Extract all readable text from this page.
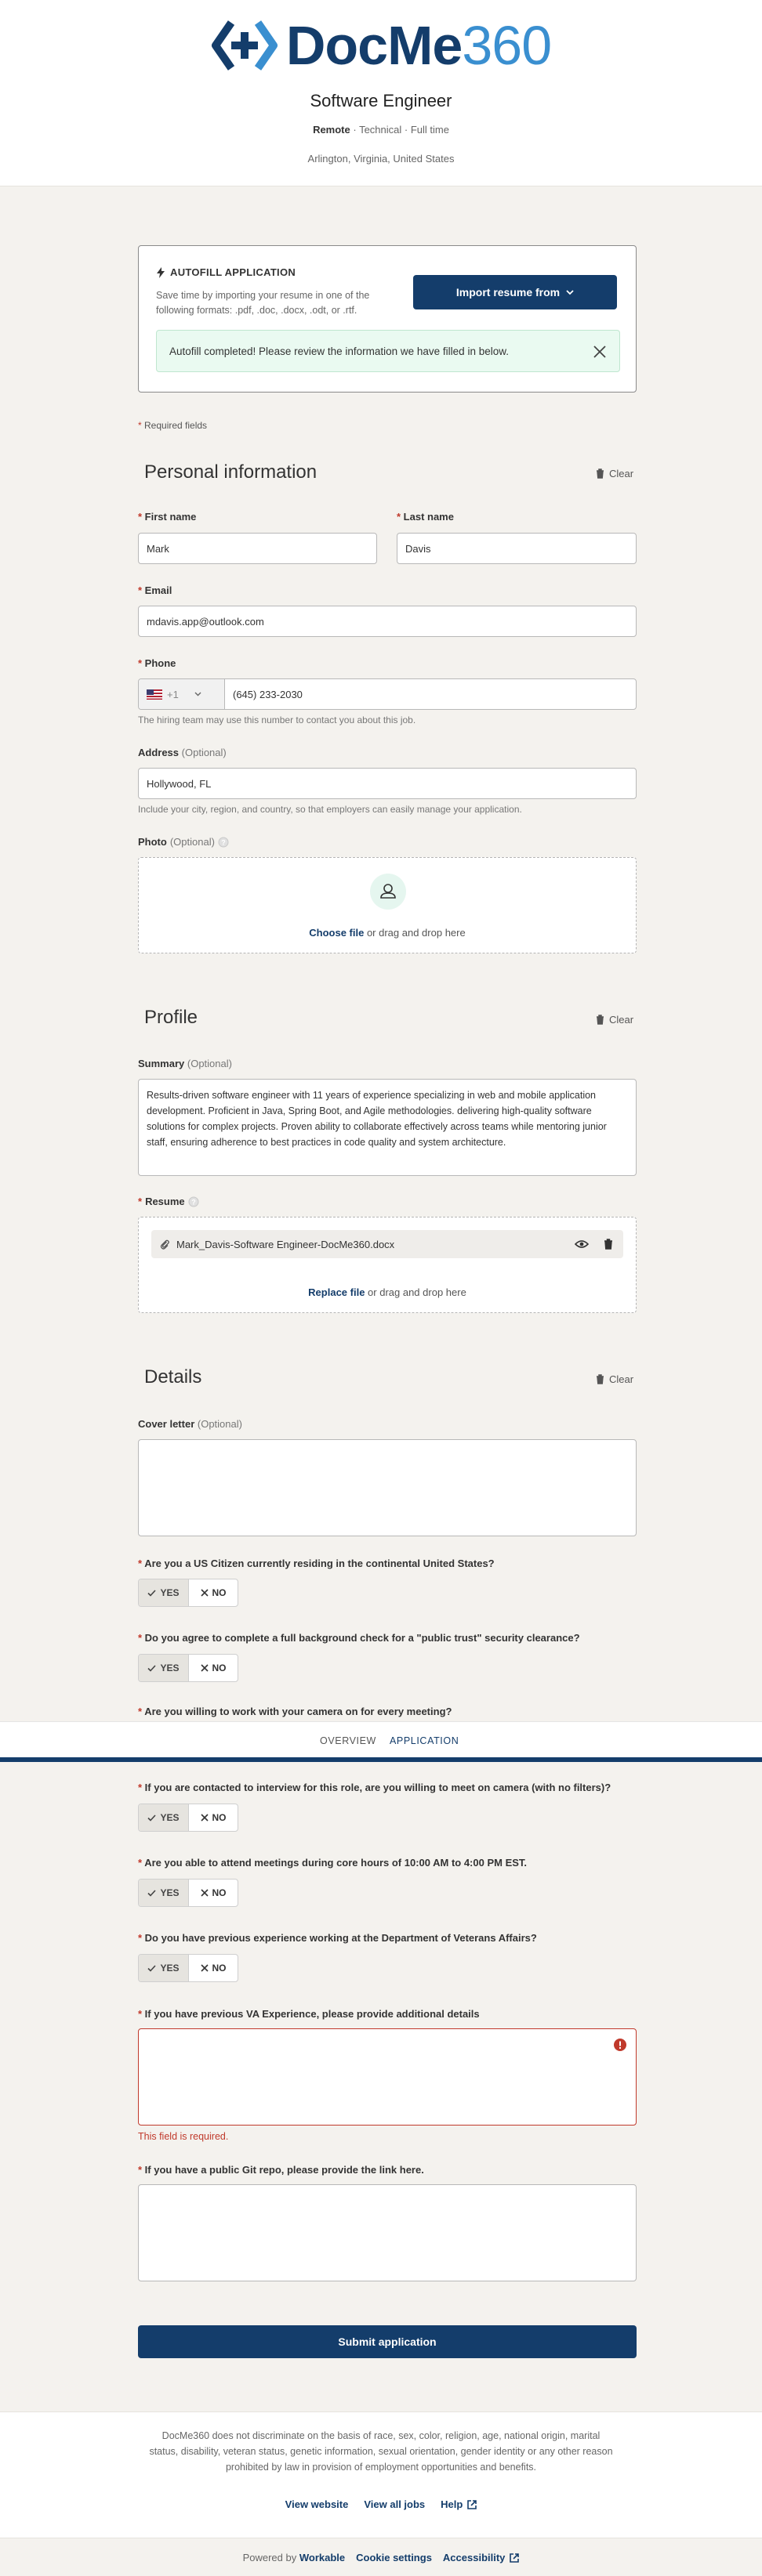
DocMe360
Software Engineer
Remote · Technical · Full time
Arlington, Virginia, United States
AUTOFILL APPLICATION
Save time by importing your resume in one of the following formats: .pdf, .doc, .docx, .odt, or .rtf.
Import resume from
Autofill completed! Please review the information we have filled in below.
* Required fields
Personal information	Clear
* First name
Mark
* Last name
Davis
* Email
mdavis.app@outlook.com
* Phone
+1	(645) 233-2030
The hiring team may use this number to contact you about this job.
Address (Optional)
Hollywood, FL
Include your city, region, and country, so that employers can easily manage your application.
Photo (Optional) ?
Choose file or drag and drop here
Profile	Clear
Summary (Optional)
Results-driven software engineer with 11 years of experience specializing in web and mobile application development. Proficient in Java, Spring Boot, and Agile methodologies. delivering high-quality software solutions for complex projects. Proven ability to collaborate effectively across teams while mentoring junior staff, ensuring adherence to best practices in code quality and system architecture.
* Resume ?
Mark_Davis-Software Engineer-DocMe360.docx
Replace file or drag and drop here
Details	Clear
Cover letter (Optional)
* Are you a US Citizen currently residing in the continental United States?
YES	NO
* Do you agree to complete a full background check for a "public trust" security clearance?
YES	NO
* Are you willing to work with your camera on for every meeting?
OVERVIEW APPLICATION
* If you are contacted to interview for this role, are you willing to meet on camera (with no filters)?
YES	NO
* Are you able to attend meetings during core hours of 10:00 AM to 4:00 PM EST.
YES	NO
* Do you have previous experience working at the Department of Veterans Affairs?
YES	NO
* If you have previous VA Experience, please provide additional details
This field is required.
* If you have a public Git repo, please provide the link here.
Submit application
DocMe360 does not discriminate on the basis of race, sex, color, religion, age, national origin, marital status, disability, veteran status, genetic information, sexual orientation, gender identity or any other reason prohibited by law in provision of employment opportunities and benefits.
View website View all jobs Help
Powered by Workable Cookie settings Accessibility
